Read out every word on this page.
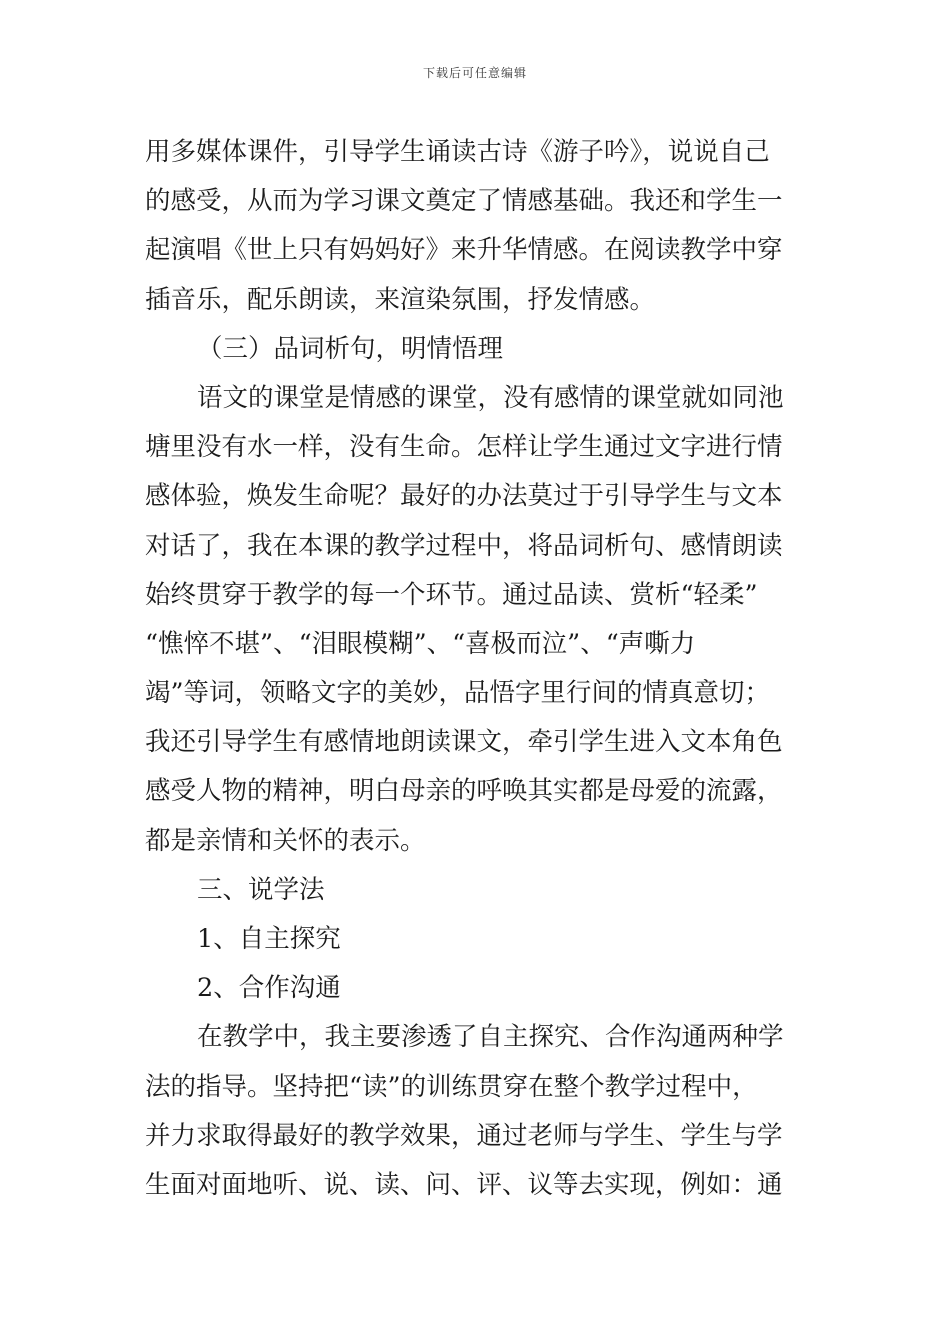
下载后可任意编辑
用多媒体课件，引导学生诵读古诗《游子吟》，说说自己
的感受，从而为学习课文奠定了情感基础。我还和学生一
起演唱《世上只有妈妈好》来升华情感。在阅读教学中穿
插音乐，配乐朗读，来渲染氛围，抒发情感。
（三）品词析句，明情悟理
语文的课堂是情感的课堂，没有感情的课堂就如同池
塘里没有水一样，没有生命。怎样让学生通过文字进行情
感体验，焕发生命呢？最好的办法莫过于引导学生与文本
对话了，我在本课的教学过程中，将品词析句、感情朗读
始终贯穿于教学的每一个环节。通过品读、赏析“轻柔”
“憔悴不堪”、“泪眼模糊”、“喜极而泣”、“声嘶力
竭”等词，领略文字的美妙，品悟字里行间的情真意切；
我还引导学生有感情地朗读课文，牵引学生进入文本角色
感受人物的精神，明白母亲的呼唤其实都是母爱的流露，
都是亲情和关怀的表示。
三、说学法
1、自主探究
2、合作沟通
在教学中，我主要渗透了自主探究、合作沟通两种学
法的指导。坚持把“读”的训练贯穿在整个教学过程中，
并力求取得最好的教学效果，通过老师与学生、学生与学
生面对面地听、说、读、问、评、议等去实现，例如：通
